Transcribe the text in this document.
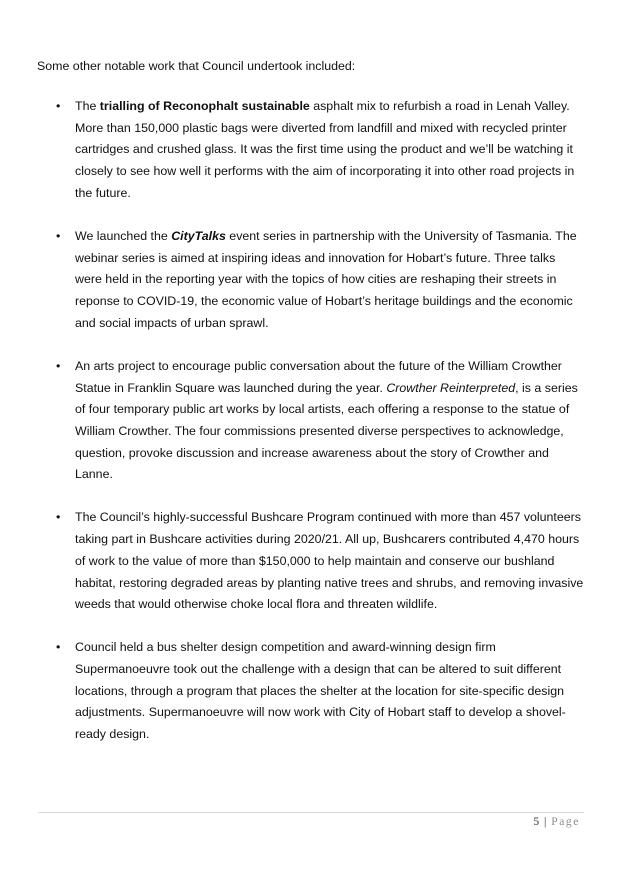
Some other notable work that Council undertook included:

• The trialling of Reconophalt sustainable asphalt mix to refurbish a road in Lenah Valley. More than 150,000 plastic bags were diverted from landfill and mixed with recycled printer cartridges and crushed glass. It was the first time using the product and we’ll be watching it closely to see how well it performs with the aim of incorporating it into other road projects in the future.
• We launched the CityTalks event series in partnership with the University of Tasmania. The webinar series is aimed at inspiring ideas and innovation for Hobart’s future. Three talks were held in the reporting year with the topics of how cities are reshaping their streets in reponse to COVID-19, the economic value of Hobart’s heritage buildings and the economic and social impacts of urban sprawl.
• An arts project to encourage public conversation about the future of the William Crowther Statue in Franklin Square was launched during the year. Crowther Reinterpreted, is a series of four temporary public art works by local artists, each offering a response to the statue of William Crowther. The four commissions presented diverse perspectives to acknowledge, question, provoke discussion and increase awareness about the story of Crowther and Lanne.
• The Council’s highly-successful Bushcare Program continued with more than 457 volunteers taking part in Bushcare activities during 2020/21. All up, Bushcarers contributed 4,470 hours of work to the value of more than $150,000 to help maintain and conserve our bushland habitat, restoring degraded areas by planting native trees and shrubs, and removing invasive weeds that would otherwise choke local flora and threaten wildlife.
• Council held a bus shelter design competition and award-winning design firm Supermanoeuvre took out the challenge with a design that can be altered to suit different locations, through a program that places the shelter at the location for site-specific design adjustments. Supermanoeuvre will now work with City of Hobart staff to develop a shovel-ready design.
5 | Page
